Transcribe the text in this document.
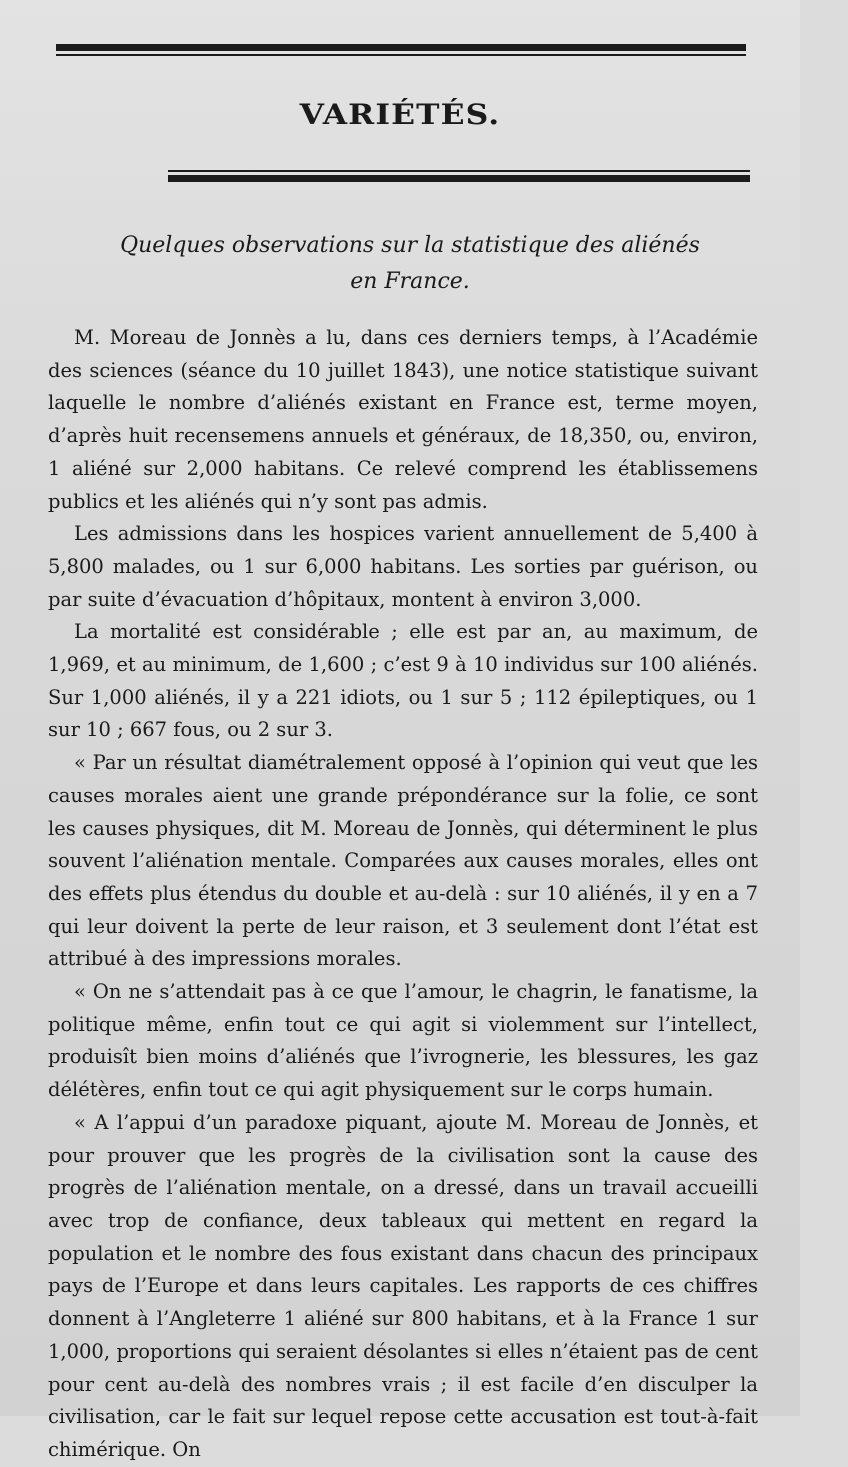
VARIÉTÉS.
Quelques observations sur la statistique des aliénés
en France.

M. Moreau de Jonnès a lu, dans ces derniers temps, à l’Académie des sciences (séance du 10 juillet 1843), une notice statistique suivant laquelle le nombre d’aliénés existant en France est, terme moyen, d’après huit recensemens annuels et généraux, de 18,350, ou, environ, 1 aliéné sur 2,000 habitans. Ce relevé comprend les établissemens publics et les aliénés qui n’y sont pas admis.

Les admissions dans les hospices varient annuellement de 5,400 à 5,800 malades, ou 1 sur 6,000 habitans. Les sorties par guérison, ou par suite d’évacuation d’hôpitaux, montent à environ 3,000.

La mortalité est considérable ; elle est par an, au maximum, de 1,969, et au minimum, de 1,600 ; c’est 9 à 10 individus sur 100 aliénés. Sur 1,000 aliénés, il y a 221 idiots, ou 1 sur 5 ; 112 épileptiques, ou 1 sur 10 ; 667 fous, ou 2 sur 3.

« Par un résultat diamétralement opposé à l’opinion qui veut que les causes morales aient une grande prépondérance sur la folie, ce sont les causes physiques, dit M. Moreau de Jonnès, qui déterminent le plus souvent l’aliénation mentale. Comparées aux causes morales, elles ont des effets plus étendus du double et au-delà : sur 10 aliénés, il y en a 7 qui leur doivent la perte de leur raison, et 3 seulement dont l’état est attribué à des impressions morales.

« On ne s’attendait pas à ce que l’amour, le chagrin, le fanatisme, la politique même, enfin tout ce qui agit si violemment sur l’intellect, produisît bien moins d’aliénés que l’ivrognerie, les blessures, les gaz délétères, enfin tout ce qui agit physiquement sur le corps humain.

« A l’appui d’un paradoxe piquant, ajoute M. Moreau de Jonnès, et pour prouver que les progrès de la civilisation sont la cause des progrès de l’aliénation mentale, on a dressé, dans un travail accueilli avec trop de confiance, deux tableaux qui mettent en regard la population et le nombre des fous existant dans chacun des principaux pays de l’Europe et dans leurs capitales. Les rapports de ces chiffres donnent à l’Angleterre 1 aliéné sur 800 habitans, et à la France 1 sur 1,000, proportions qui seraient désolantes si elles n’étaient pas de cent pour cent au-delà des nombres vrais ; il est facile d’en disculper la civilisation, car le fait sur lequel repose cette accusation est tout-à-fait chimérique. On
